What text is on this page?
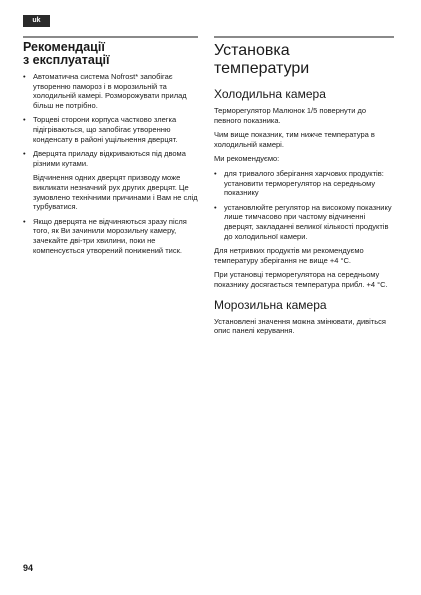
uk
Рекомендації
з експлуатації
• Автоматична система Nofrost* запобігає утворенню памороз і в морозильній та холодильній камері. Розморожувати прилад більш не потрібно.
• Торцеві сторони корпуса частково злегка підігріваються, що запобігає утворенню конденсату в районі ущільнення дверцят.
• Дверцята приладу відкриваються під двома різними кутами.

Відчинення одних дверцят призводу може викликати незначний рух других дверцят. Це зумовлено технічними причинами і Вам не слід турбуватися.

• Якщо дверцята не відчиняються зразу після того, як Ви зачинили морозильну камеру, зачекайте дві-три хвилини, поки не компенсується утворений понижений тиск.
Установка
температури
Холодильна камера

Терморегулятор Малюнок 1/5 повернути до певного показника.

Чим вище показник, тим нижче температура в холодильній камері.

Ми рекомендуємо:

• для тривалого зберігання харчових продуктів: установити терморегулятор на середньому показнику
• установлюйте регулятор на високому показнику лише тимчасово при частому відчиненні дверцят, закладанні великої кількості продуктів до холодильної камери.

Для нетривких продуктів ми рекомендуємо температуру зберігання не вище +4 °C.

При установці терморегулятора на середньому показнику досягається температура прибл. +4 °C.

Морозильна камера

Установлені значення можна змінювати, дивіться опис панелі керування.

94
